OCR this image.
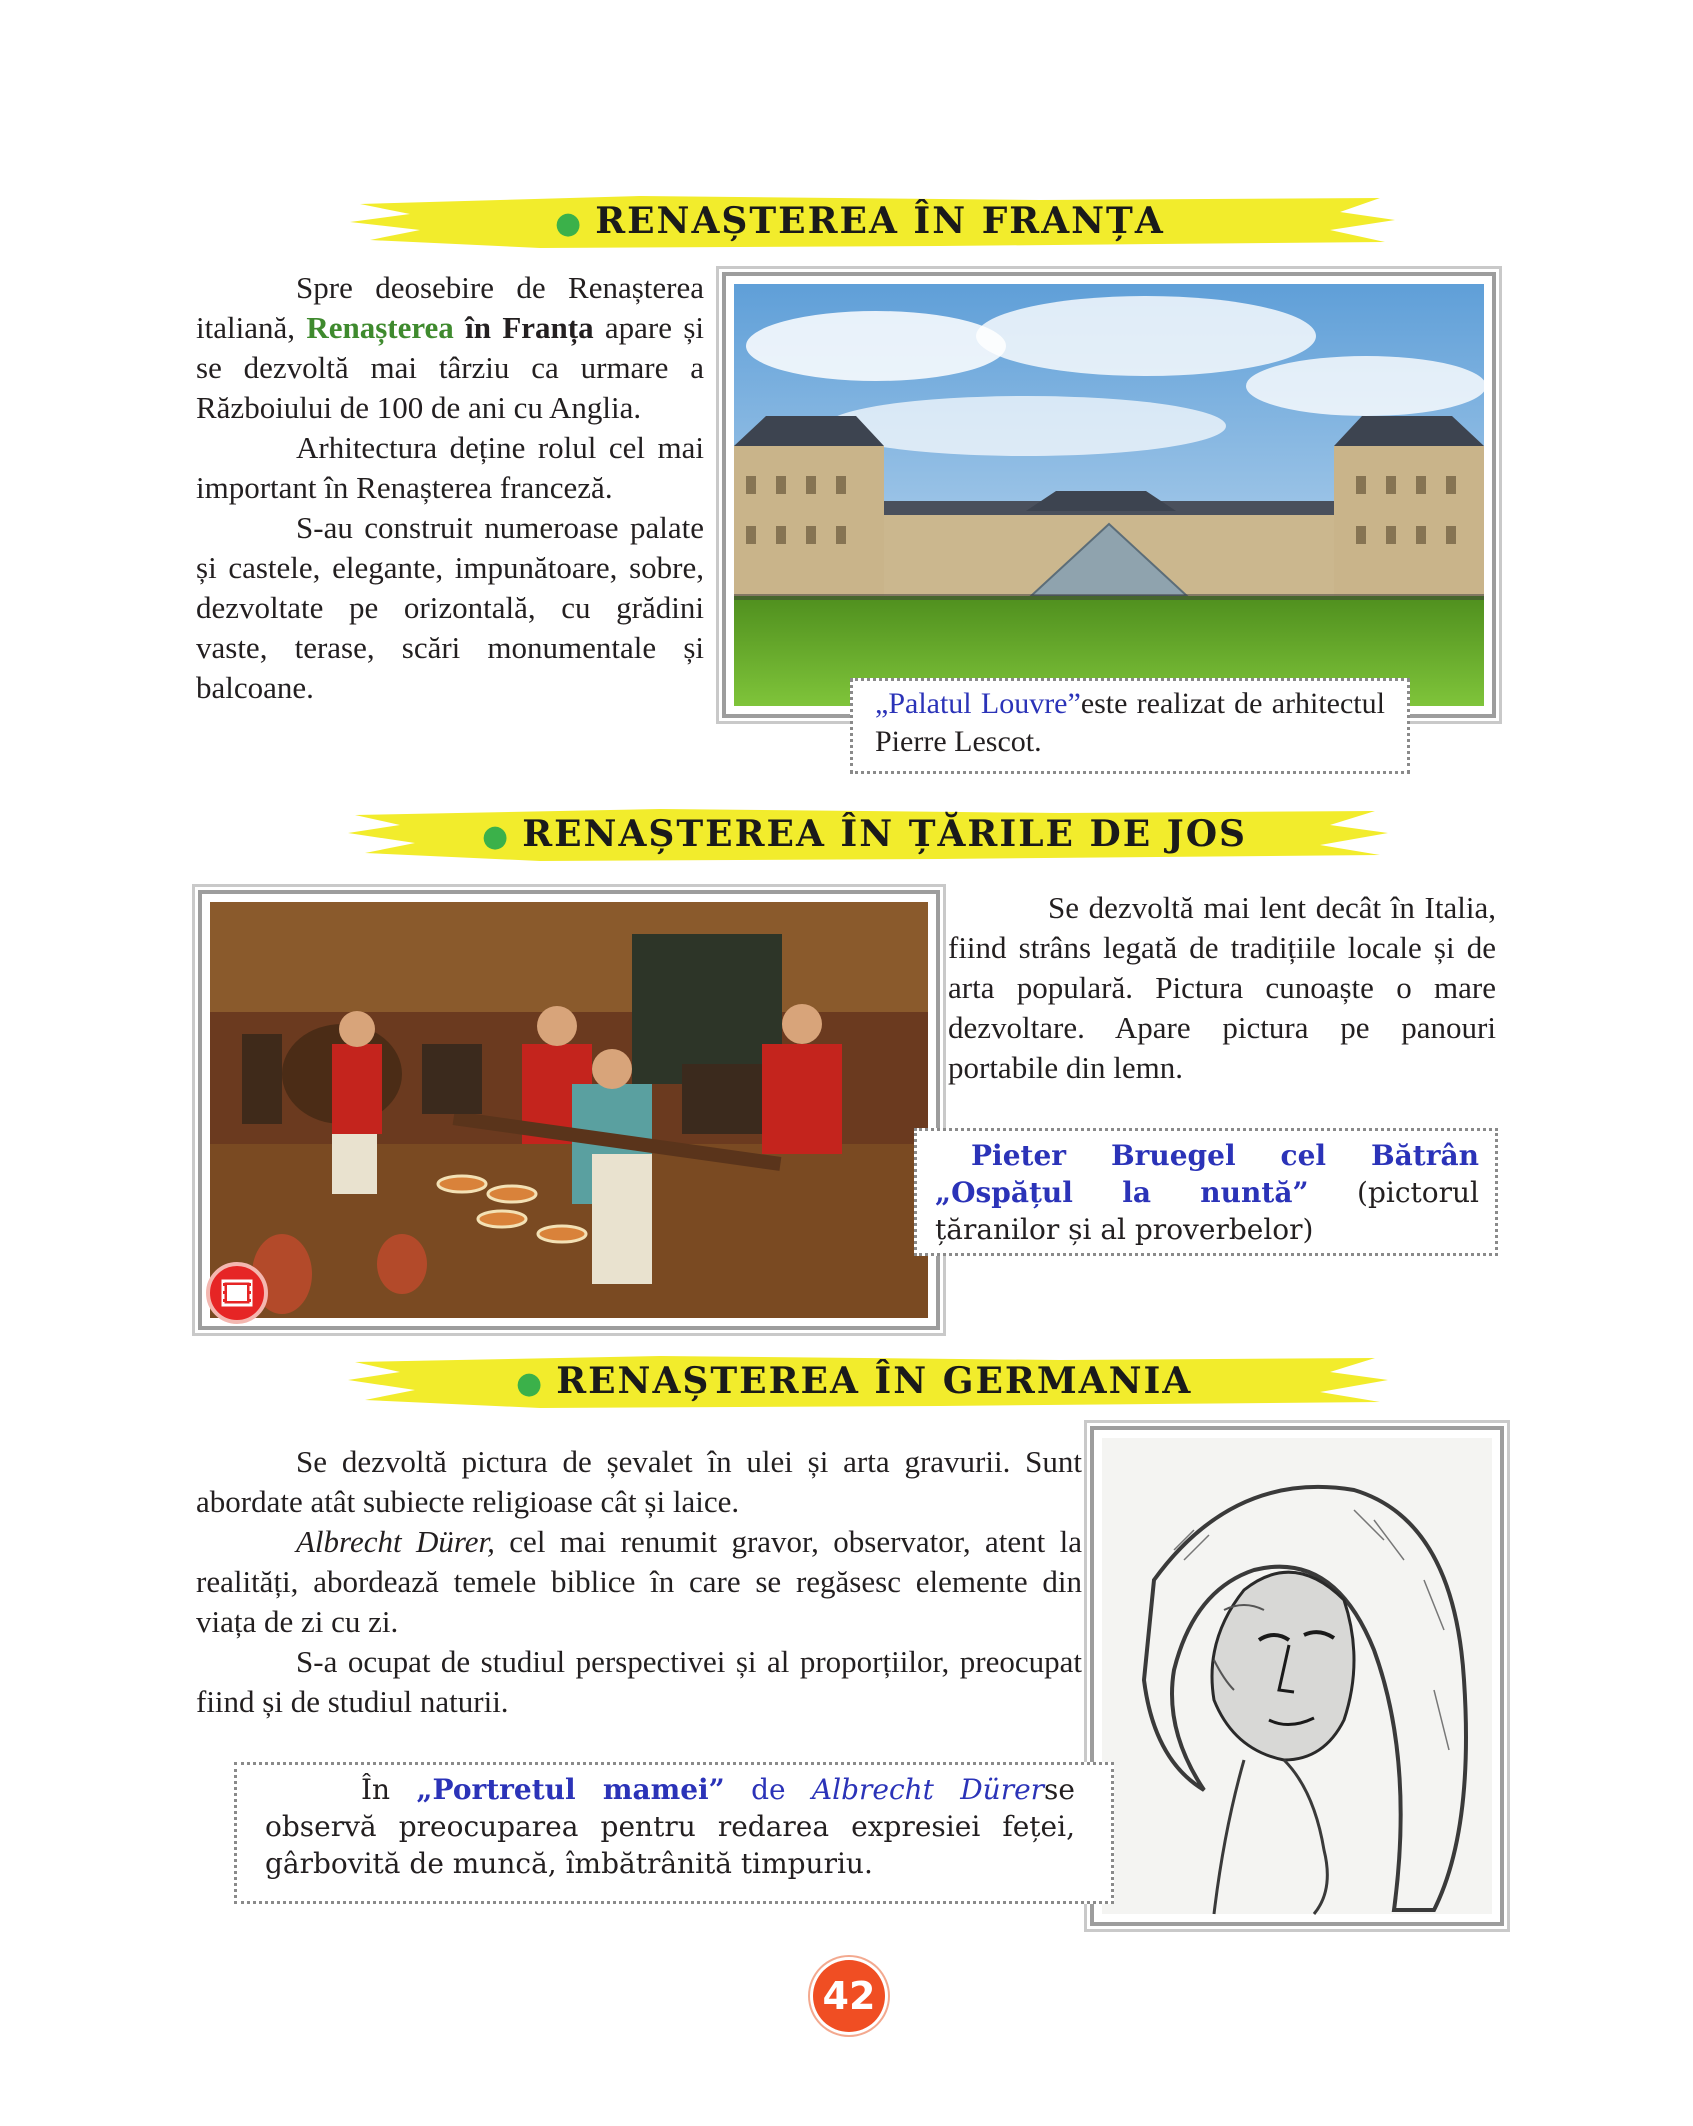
● RENAȘTEREA ÎN FRANȚA

Spre deosebire de Renașterea italiană, Renașterea în Franța apare și se dezvoltă mai târziu ca urmare a Războiului de 100 de ani cu Anglia.

Arhitectura deține rolul cel mai important în Renașterea franceză.

S-au construit numeroase palate și castele, elegante, impunătoare, sobre, dezvoltate pe orizontală, cu grădini vaste, terase, scări monumentale și balcoane.	„Palatul Louvre”este realizat de arhitectul Pierre Lescot.
● RENAȘTEREA ÎN ȚĂRILE DE JOS

Se dezvoltă mai lent decât în Italia, fiind strâns legată de tradițiile locale și de arta populară. Pictura cunoaște o mare dezvoltare. Apare pictura pe panouri portabile din lemn.

Pieter Bruegel cel Bătrân „Ospățul la nuntă” (pictorul țăranilor și al proverbelor)
● RENAȘTEREA ÎN GERMANIA

Se dezvoltă pictura de șevalet în ulei și arta gravurii. Sunt abordate atât subiecte religioase cât și laice.

Albrecht Dürer, cel mai renumit gravor, observator, atent la realități, abordează temele biblice în care se regăsesc elemente din viața de zi cu zi.

S-a ocupat de studiul perspectivei și al proporțiilor, preocupat fiind și de studiul naturii.

În „Portretul mamei” de Albrecht Dürerse observă preocuparea pentru redarea expresiei feței, gârbovită de muncă, îmbătrânită timpuriu.
42
